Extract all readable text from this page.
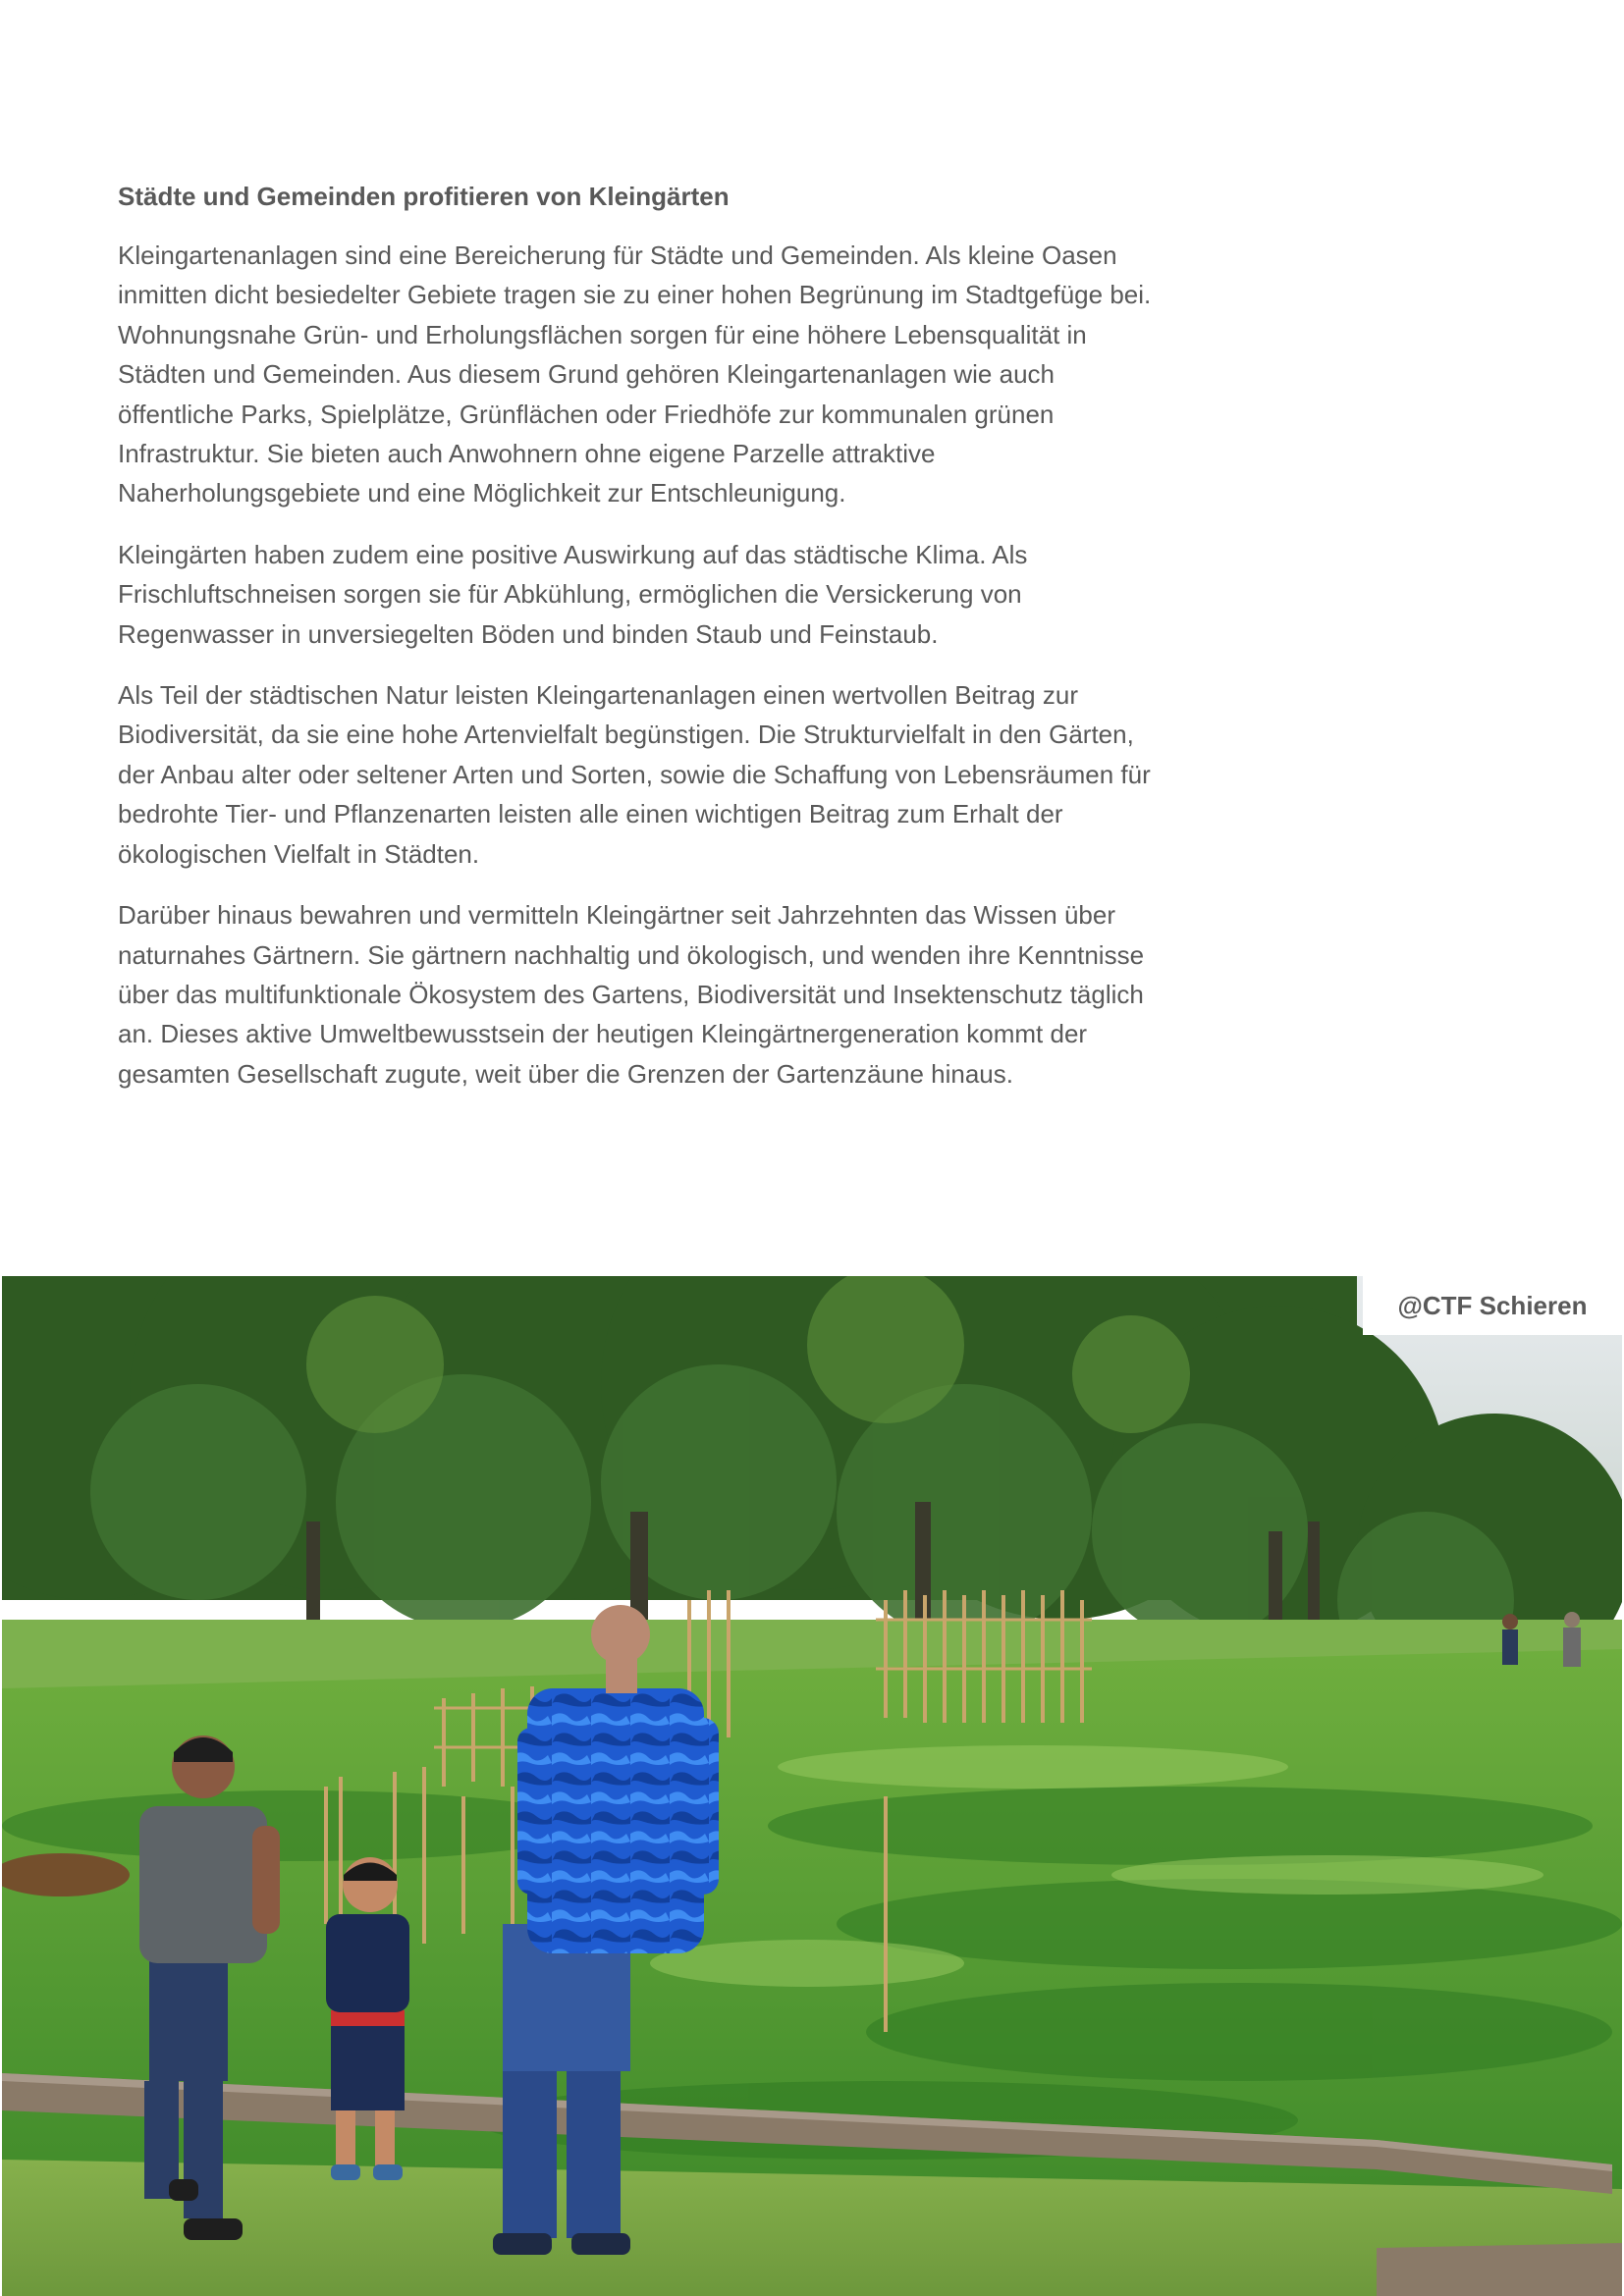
Städte und Gemeinden profitieren von Kleingärten

Kleingartenanlagen sind eine Bereicherung für Städte und Gemeinden. Als kleine Oasen inmitten dicht besiedelter Gebiete tragen sie zu einer hohen Begrünung im Stadtgefüge bei. Wohnungsnahe Grün- und Erholungsflächen sorgen für eine höhere Lebensqualität in Städten und Gemeinden. Aus diesem Grund gehören Kleingartenanlagen wie auch öffentliche Parks, Spielplätze, Grünflächen oder Friedhöfe zur kommunalen grünen Infrastruktur. Sie bieten auch Anwohnern ohne eigene Parzelle attraktive Naherholungsgebiete und eine Möglichkeit zur Entschleunigung.

Kleingärten haben zudem eine positive Auswirkung auf das städtische Klima. Als Frischluftschneisen sorgen sie für Abkühlung, ermöglichen die Versickerung von Regenwasser in unversiegelten Böden und binden Staub und Feinstaub.

Als Teil der städtischen Natur leisten Kleingartenanlagen einen wertvollen Beitrag zur Biodiversität, da sie eine hohe Artenvielfalt begünstigen. Die Strukturvielfalt in den Gärten, der Anbau alter oder seltener Arten und Sorten, sowie die Schaffung von Lebensräumen für bedrohte Tier- und Pflanzenarten leisten alle einen wichtigen Beitrag zum Erhalt der ökologischen Vielfalt in Städten.

Darüber hinaus bewahren und vermitteln Kleingärtner seit Jahrzehnten das Wissen über naturnahes Gärtnern. Sie gärtnern nachhaltig und ökologisch, und wenden ihre Kenntnisse über das multifunktionale Ökosystem des Gartens, Biodiversität und Insektenschutz täglich an. Dieses aktive Umweltbewusstsein der heutigen Kleingärtnergeneration kommt der gesamten Gesellschaft zugute, weit über die Grenzen der Gartenzäune hinaus.

@CTF Schieren
